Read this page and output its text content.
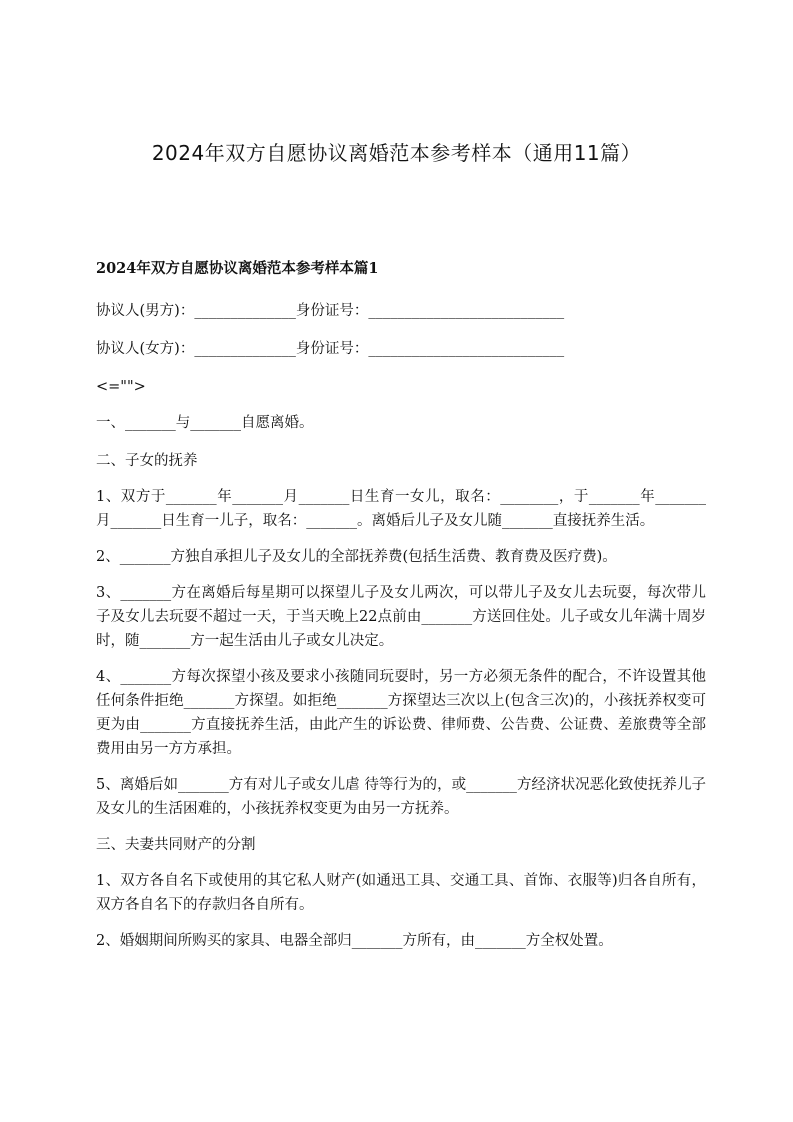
2024年双方自愿协议离婚范本参考样本（通用11篇）
2024年双方自愿协议离婚范本参考样本篇1
协议人(男方)：______________身份证号：___________________________
协议人(女方)：______________身份证号：___________________________
<="">
一、_______与_______自愿离婚。
二、子女的抚养
1、双方于_______年_______月_______日生育一女儿，取名：________，于_______年_______月_______日生育一儿子，取名：_______。离婚后儿子及女儿随_______直接抚养生活。
2、_______方独自承担儿子及女儿的全部抚养费(包括生活费、教育费及医疗费)。
3、_______方在离婚后每星期可以探望儿子及女儿两次，可以带儿子及女儿去玩耍，每次带儿子及女儿去玩耍不超过一天，于当天晚上22点前由_______方送回住处。儿子或女儿年满十周岁时，随_______方一起生活由儿子或女儿决定。
4、_______方每次探望小孩及要求小孩随同玩耍时，另一方必须无条件的配合，不许设置其他任何条件拒绝_______方探望。如拒绝_______方探望达三次以上(包含三次)的，小孩抚养权变可更为由_______方直接抚养生活，由此产生的诉讼费、律师费、公告费、公证费、差旅费等全部费用由另一方方承担。
5、离婚后如_______方有对儿子或女儿虐 待等行为的，或_______方经济状况恶化致使抚养儿子及女儿的生活困难的，小孩抚养权变更为由另一方抚养。
三、夫妻共同财产的分割
1、双方各自名下或使用的其它私人财产(如通迅工具、交通工具、首饰、衣服等)归各自所有，双方各自名下的存款归各自所有。
2、婚姻期间所购买的家具、电器全部归_______方所有，由_______方全权处置。
